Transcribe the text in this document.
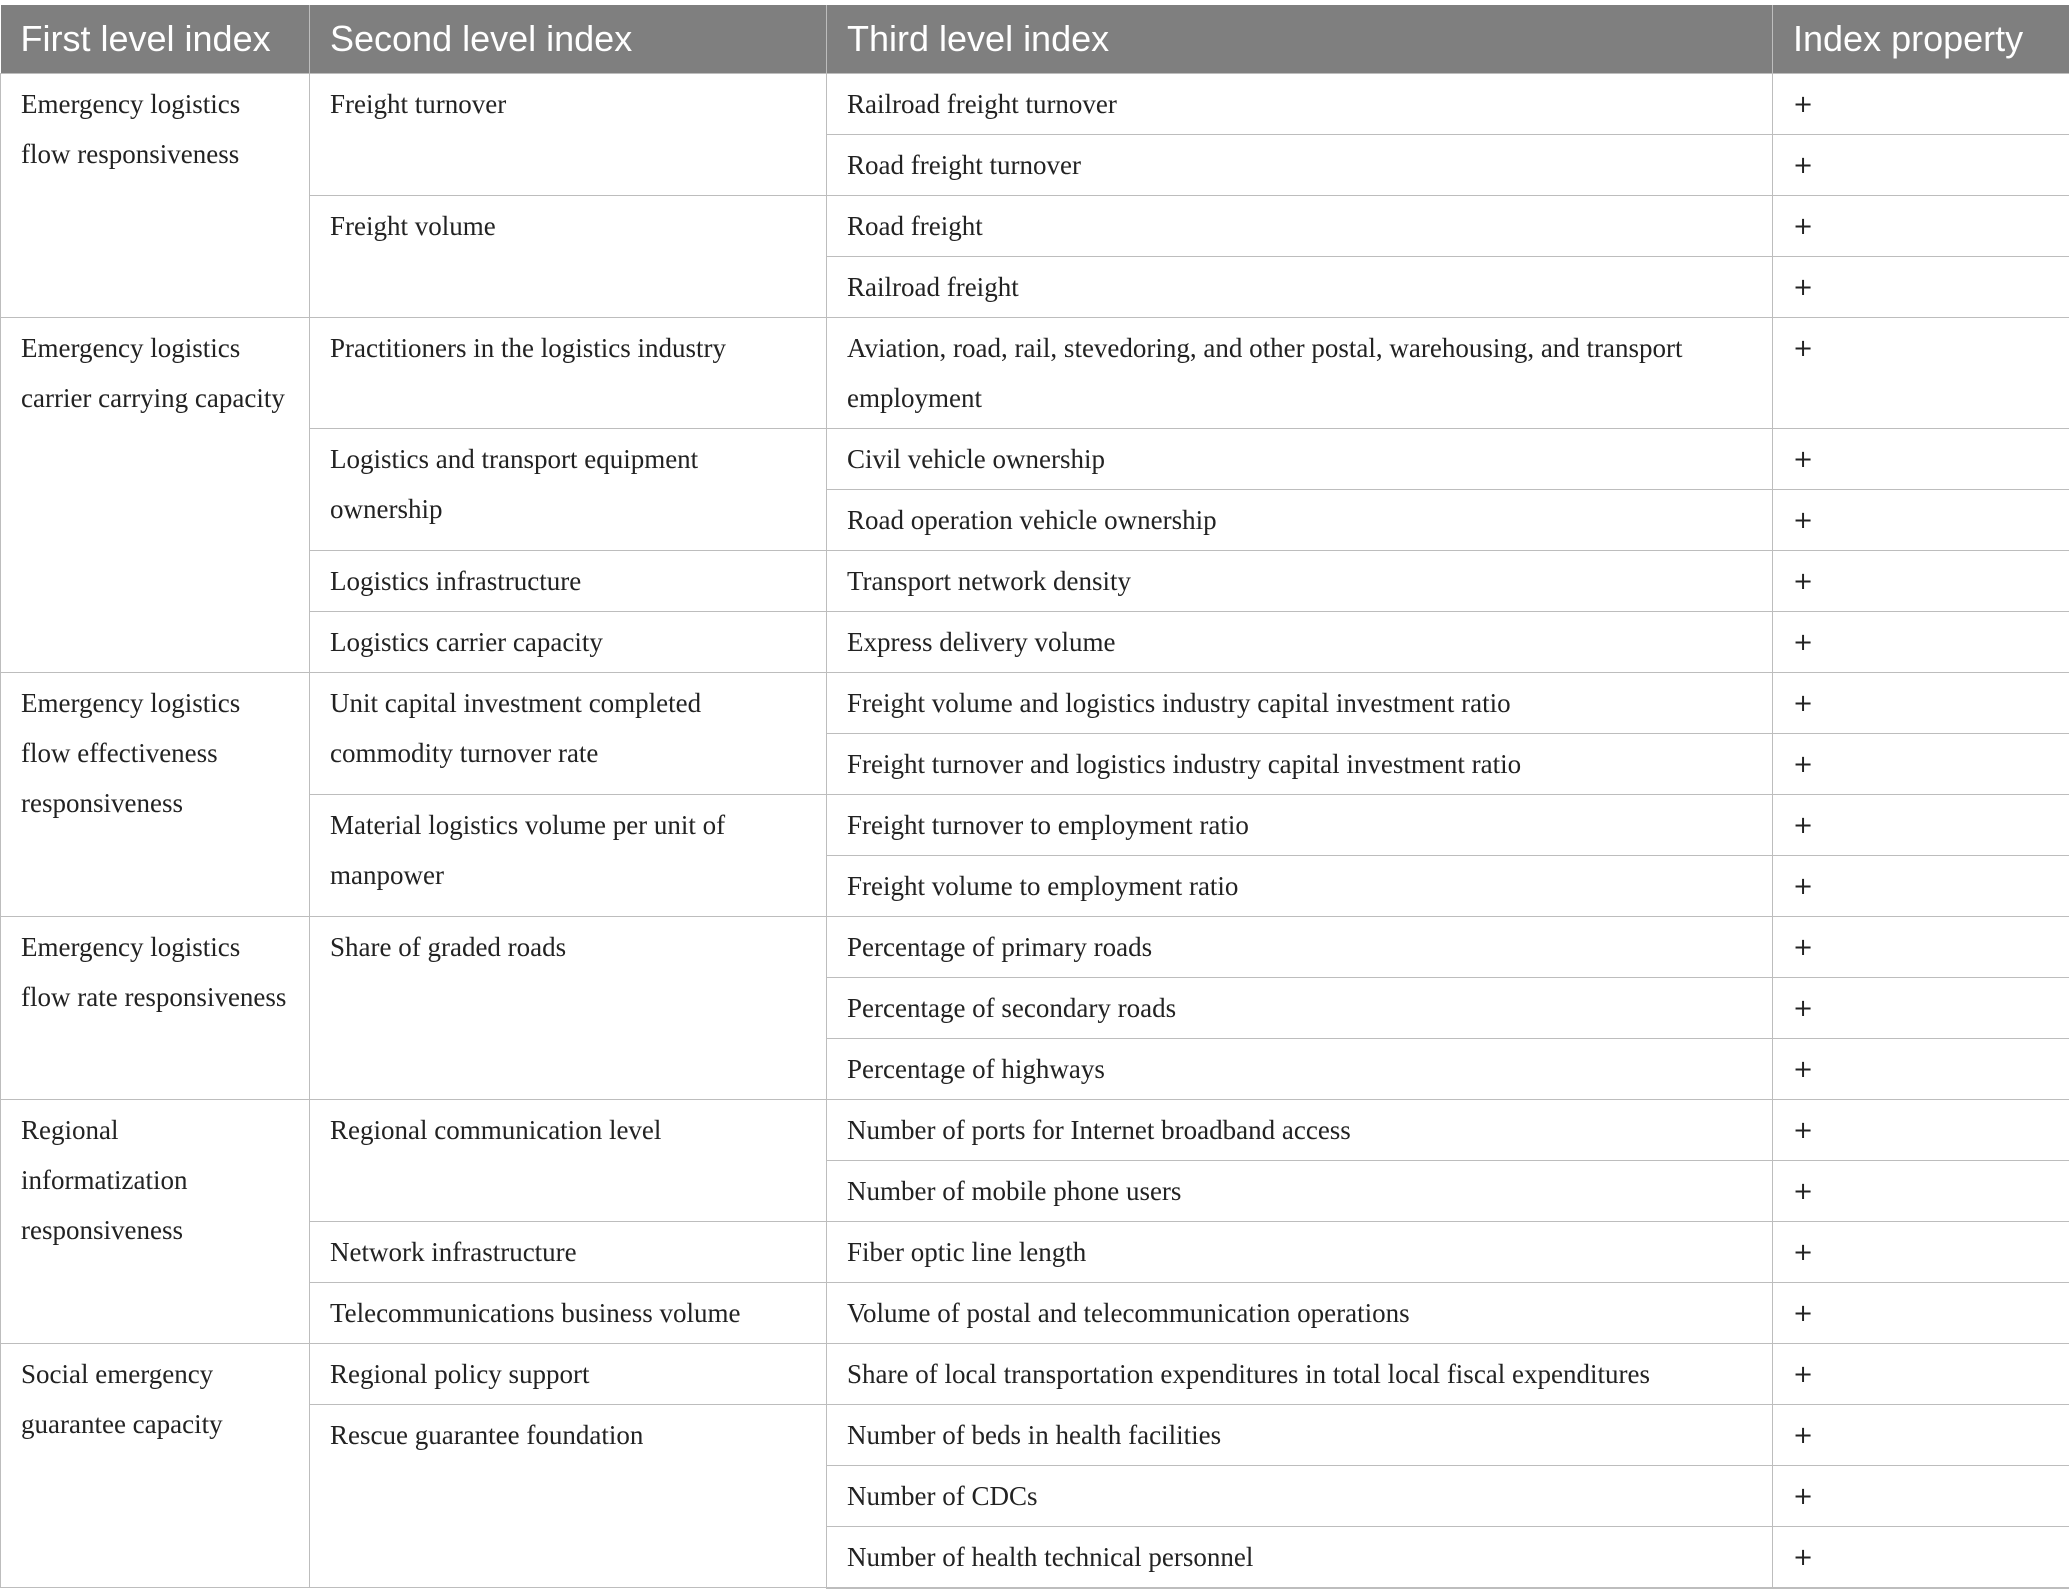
First level index	Second level index	Third level index	Index property
Emergency logistics flow responsiveness	Freight turnover	Railroad freight turnover	+
		Road freight turnover	+
	Freight volume	Road freight	+
		Railroad freight	+
Emergency logistics carrier carrying capacity	Practitioners in the logistics industry	Aviation, road, rail, stevedoring, and other postal, warehousing, and transport employment	+
	Logistics and transport equipment ownership	Civil vehicle ownership	+
		Road operation vehicle ownership	+
	Logistics infrastructure	Transport network density	+
	Logistics carrier capacity	Express delivery volume	+
Emergency logistics flow effectiveness responsiveness	Unit capital investment completed commodity turnover rate	Freight volume and logistics industry capital investment ratio	+
		Freight turnover and logistics industry capital investment ratio	+
	Material logistics volume per unit of manpower	Freight turnover to employment ratio	+
		Freight volume to employment ratio	+
Emergency logistics flow rate responsiveness	Share of graded roads	Percentage of primary roads	+
		Percentage of secondary roads	+
		Percentage of highways	+
Regional informatization responsiveness	Regional communication level	Number of ports for Internet broadband access	+
		Number of mobile phone users	+
	Network infrastructure	Fiber optic line length	+
	Telecommunications business volume	Volume of postal and telecommunication operations	+
Social emergency guarantee capacity	Regional policy support	Share of local transportation expenditures in total local fiscal expenditures	+
	Rescue guarantee foundation	Number of beds in health facilities	+
		Number of CDCs	+
		Number of health technical personnel	+
